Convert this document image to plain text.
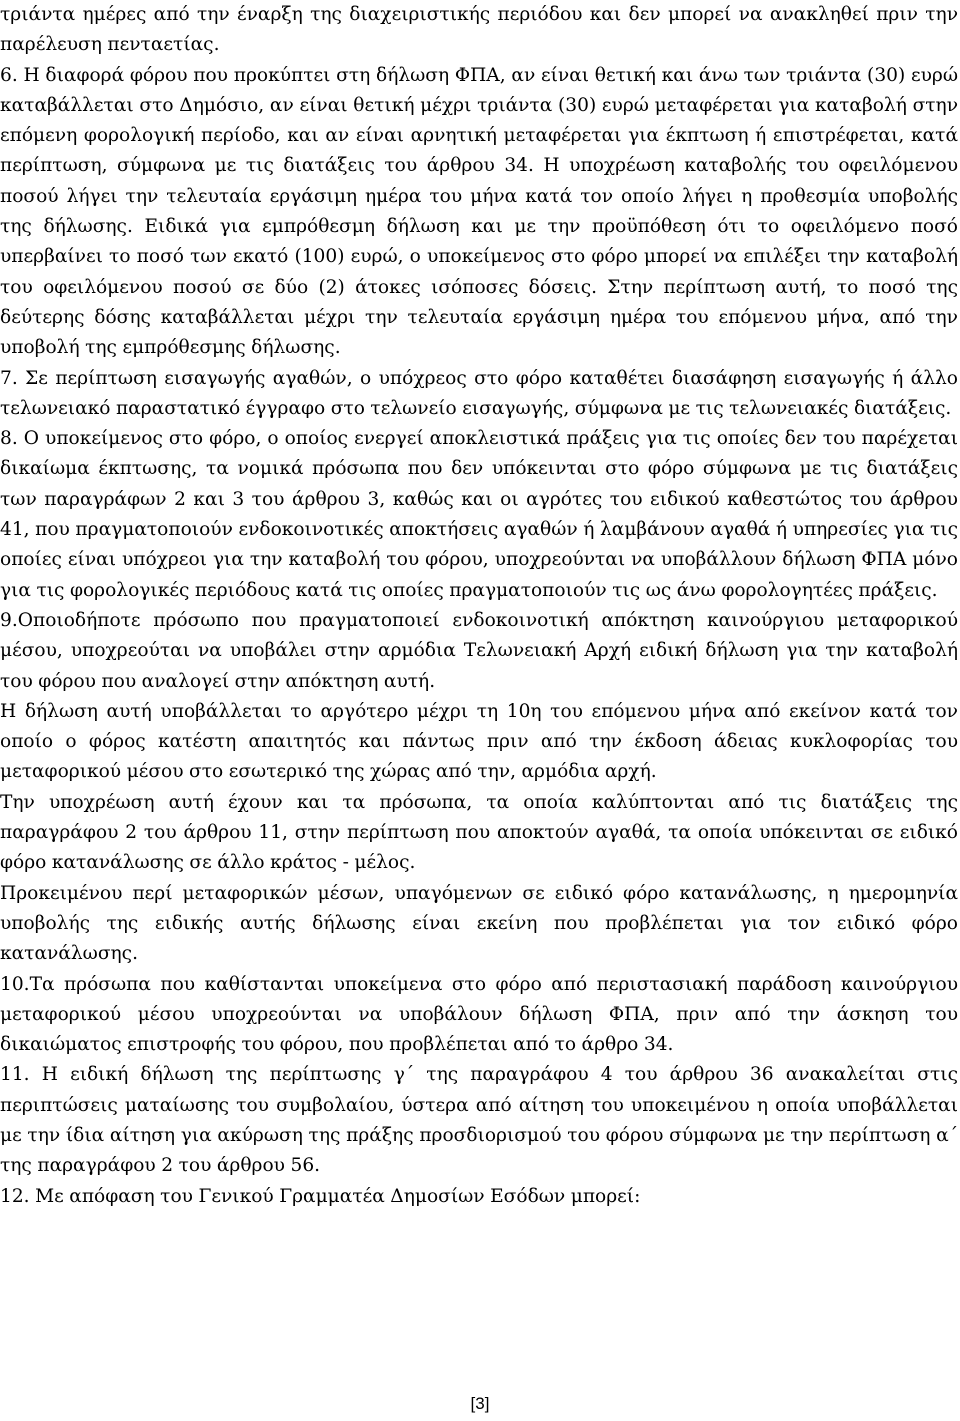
τριάντα ημέρες από την έναρξη της διαχειριστικής περιόδου και δεν μπορεί να ανακληθεί πριν την παρέλευση πενταετίας.

6. Η διαφορά φόρου που προκύπτει στη δήλωση ΦΠΑ, αν είναι θετική και άνω των τριάντα (30) ευρώ καταβάλλεται στο Δημόσιο, αν είναι θετική μέχρι τριάντα (30) ευρώ μεταφέρεται για καταβολή στην επόμενη φορολογική περίοδο, και αν είναι αρνητική μεταφέρεται για έκπτωση ή επιστρέφεται, κατά περίπτωση, σύμφωνα με τις διατάξεις του άρθρου 34. Η υποχρέωση καταβολής του οφειλόμενου ποσού λήγει την τελευταία εργάσιμη ημέρα του μήνα κατά τον οποίο λήγει η προθεσμία υποβολής της δήλωσης. Ειδικά για εμπρόθεσμη δήλωση και με την προϋπόθεση ότι το οφειλόμενο ποσό υπερβαίνει το ποσό των εκατό (100) ευρώ, ο υποκείμενος στο φόρο μπορεί να επιλέξει την καταβολή του οφειλόμενου ποσού σε δύο (2) άτοκες ισόποσες δόσεις. Στην περίπτωση αυτή, το ποσό της δεύτερης δόσης καταβάλλεται μέχρι την τελευταία εργάσιμη ημέρα του επόμενου μήνα, από την υποβολή της εμπρόθεσμης δήλωσης.

7. Σε περίπτωση εισαγωγής αγαθών, ο υπόχρεος στο φόρο καταθέτει διασάφηση εισαγωγής ή άλλο τελωνειακό παραστατικό έγγραφο στο τελωνείο εισαγωγής, σύμφωνα με τις τελωνειακές διατάξεις.

8. Ο υποκείμενος στο φόρο, ο οποίος ενεργεί αποκλειστικά πράξεις για τις οποίες δεν του παρέχεται δικαίωμα έκπτωσης, τα νομικά πρόσωπα που δεν υπόκεινται στο φόρο σύμφωνα με τις διατάξεις των παραγράφων 2 και 3 του άρθρου 3, καθώς και οι αγρότες του ειδικού καθεστώτος του άρθρου 41, που πραγματοποιούν ενδοκοινοτικές αποκτήσεις αγαθών ή λαμβάνουν αγαθά ή υπηρεσίες για τις οποίες είναι υπόχρεοι για την καταβολή του φόρου, υποχρεούνται να υποβάλλουν δήλωση ΦΠΑ μόνο για τις φορολογικές περιόδους κατά τις οποίες πραγματοποιούν τις ως άνω φορολογητέες πράξεις.

9.Οποιοδήποτε πρόσωπο που πραγματοποιεί ενδοκοινοτική απόκτηση καινούργιου μεταφορικού μέσου, υποχρεούται να υποβάλει στην αρμόδια Τελωνειακή Αρχή ειδική δήλωση για την καταβολή του φόρου που αναλογεί στην απόκτηση αυτή.

Η δήλωση αυτή υποβάλλεται το αργότερο μέχρι τη 10η του επόμενου μήνα από εκείνον κατά τον οποίο ο φόρος κατέστη απαιτητός και πάντως πριν από την έκδοση άδειας κυκλοφορίας του μεταφορικού μέσου στο εσωτερικό της χώρας από την, αρμόδια αρχή.

Την υποχρέωση αυτή έχουν και τα πρόσωπα, τα οποία καλύπτονται από τις διατάξεις της παραγράφου 2 του άρθρου 11, στην περίπτωση που αποκτούν αγαθά, τα οποία υπόκεινται σε ειδικό φόρο κατανάλωσης σε άλλο κράτος - μέλος.

Προκειμένου περί μεταφορικών μέσων, υπαγόμενων σε ειδικό φόρο κατανάλωσης, η ημερομηνία υποβολής της ειδικής αυτής δήλωσης είναι εκείνη που προβλέπεται για τον ειδικό φόρο κατανάλωσης.

10.Τα πρόσωπα που καθίστανται υποκείμενα στο φόρο από περιστασιακή παράδοση καινούργιου μεταφορικού μέσου υποχρεούνται να υποβάλουν δήλωση ΦΠΑ, πριν από την άσκηση του δικαιώματος επιστροφής του φόρου, που προβλέπεται από το άρθρο 34.

11. Η ειδική δήλωση της περίπτωσης γ΄ της παραγράφου 4 του άρθρου 36 ανακαλείται στις περιπτώσεις ματαίωσης του συμβολαίου, ύστερα από αίτηση του υποκειμένου η οποία υποβάλλεται με την ίδια αίτηση για ακύρωση της πράξης προσδιορισμού του φόρου σύμφωνα με την περίπτωση α΄ της παραγράφου 2 του άρθρου 56.

12. Με απόφαση του Γενικού Γραμματέα Δημοσίων Εσόδων μπορεί:

[3]
